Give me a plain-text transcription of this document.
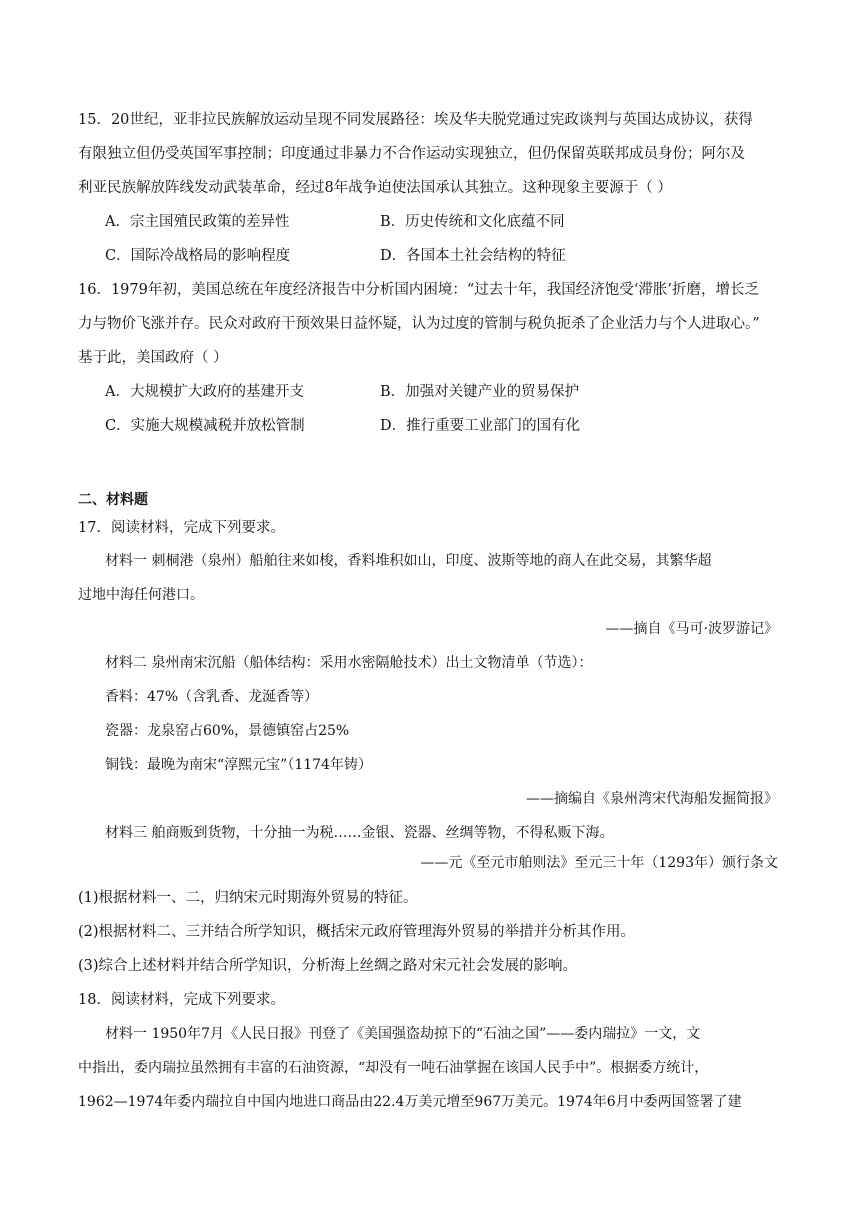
15．20世纪，亚非拉民族解放运动呈现不同发展路径：埃及华夫脱党通过宪政谈判与英国达成协议，获得
有限独立但仍受英国军事控制；印度通过非暴力不合作运动实现独立，但仍保留英联邦成员身份；阿尔及
利亚民族解放阵线发动武装革命，经过8年战争迫使法国承认其独立。这种现象主要源于（ ）
A．宗主国殖民政策的差异性	B．历史传统和文化底蕴不同
C．国际冷战格局的影响程度	D．各国本土社会结构的特征
16．1979年初，美国总统在年度经济报告中分析国内困境：“过去十年，我国经济饱受‘滞胀’折磨，增长乏
力与物价飞涨并存。民众对政府干预效果日益怀疑，认为过度的管制与税负扼杀了企业活力与个人进取心。”
基于此，美国政府（ ）
A．大规模扩大政府的基建开支	B．加强对关键产业的贸易保护
C．实施大规模减税并放松管制	D．推行重要工业部门的国有化
二、材料题
17．阅读材料，完成下列要求。
材料一 刺桐港（泉州）船舶往来如梭，香料堆积如山，印度、波斯等地的商人在此交易，其繁华超
过地中海任何港口。
——摘自《马可·波罗游记》
材料二 泉州南宋沉船（船体结构：采用水密隔舱技术）出土文物清单（节选）：
香料：47%（含乳香、龙涎香等）
瓷器：龙泉窑占60%，景德镇窑占25%
铜钱：最晚为南宋“淳熙元宝”（1174年铸）
——摘编自《泉州湾宋代海船发掘简报》
材料三 舶商贩到货物，十分抽一为税……金银、瓷器、丝绸等物，不得私贩下海。
——元《至元市舶则法》至元三十年（1293年）颁行条文
(1)根据材料一、二，归纳宋元时期海外贸易的特征。
(2)根据材料二、三并结合所学知识，概括宋元政府管理海外贸易的举措并分析其作用。
(3)综合上述材料并结合所学知识，分析海上丝绸之路对宋元社会发展的影响。
18．阅读材料，完成下列要求。
材料一 1950年7月《人民日报》刊登了《美国强盗劫掠下的“石油之国”——委内瑞拉》一文，文
中指出，委内瑞拉虽然拥有丰富的石油资源，“却没有一吨石油掌握在该国人民手中”。根据委方统计，
1962—1974年委内瑞拉自中国内地进口商品由22.4万美元增至967万美元。1974年6月中委两国签署了建
